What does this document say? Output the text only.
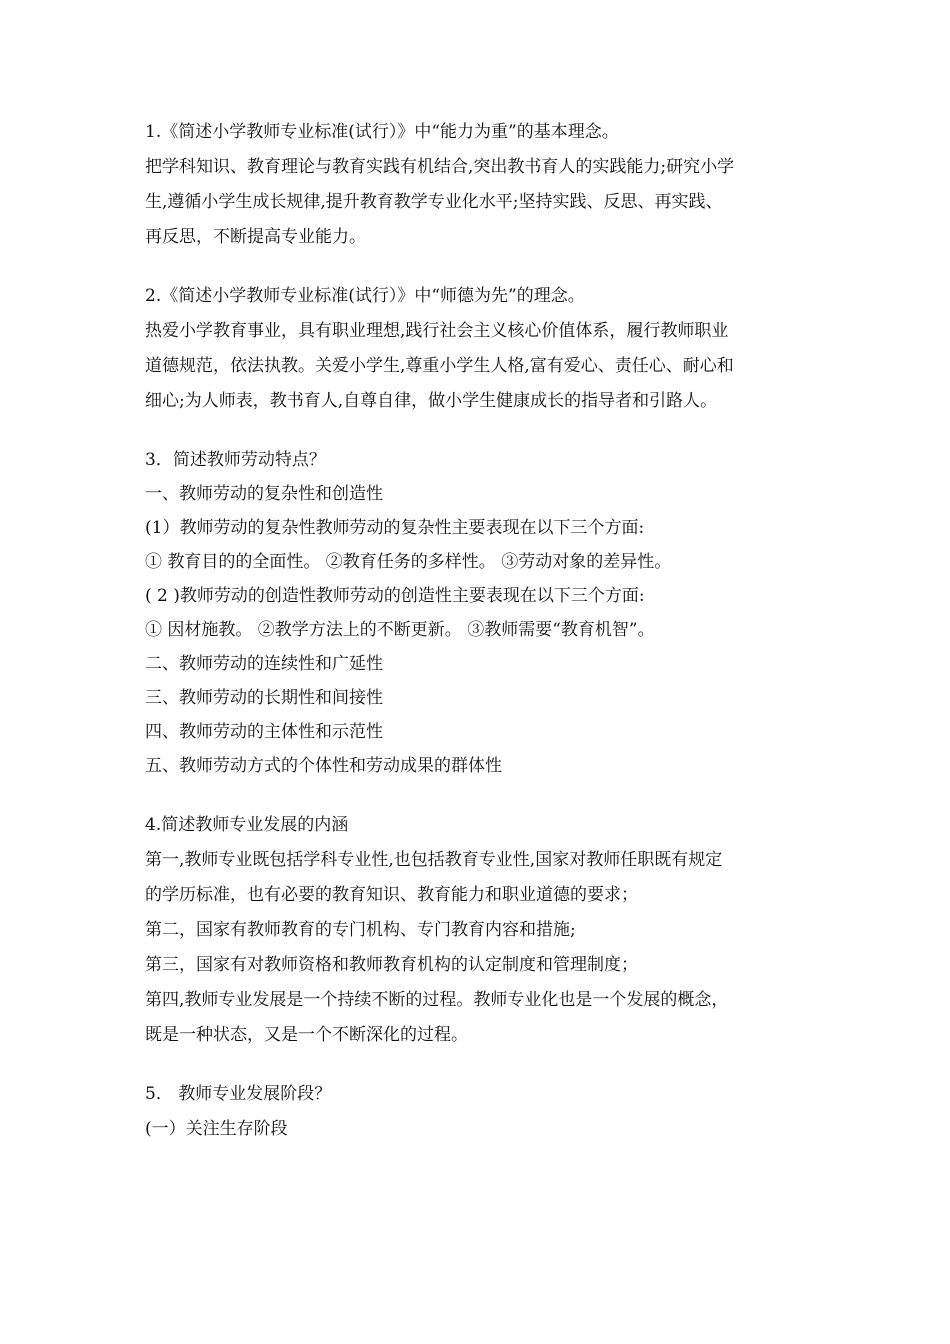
1.《简述小学教师专业标准(试行）》中“能力为重”的基本理念。
把学科知识、教育理论与教育实践有机结合,突出教书育人的实践能力;研究小学
生,遵循小学生成长规律,提升教育教学专业化水平;坚持实践、反思、再实践、
再反思，不断提高专业能力。
2.《简述小学教师专业标准(试行）》中“师德为先”的理念。
热爱小学教育事业，具有职业理想,践行社会主义核心价值体系，履行教师职业
道德规范，依法执教。关爱小学生,尊重小学生人格,富有爱心、责任心、耐心和
细心;为人师表，教书育人,自尊自律，做小学生健康成长的指导者和引路人。
3．简述教师劳动特点？
一、教师劳动的复杂性和创造性
(1）教师劳动的复杂性教师劳动的复杂性主要表现在以下三个方面:
① 教育目的的全面性。 ②教育任务的多样性。 ③劳动对象的差异性。
( 2 )教师劳动的创造性教师劳动的创造性主要表现在以下三个方面:
① 因材施教。 ②教学方法上的不断更新。 ③教师需要“教育机智”。
二、教师劳动的连续性和广延性
三、教师劳动的长期性和间接性
四、教师劳动的主体性和示范性
五、教师劳动方式的个体性和劳动成果的群体性
4.简述教师专业发展的内涵
第一,教师专业既包括学科专业性,也包括教育专业性,国家对教师任职既有规定
的学历标准，也有必要的教育知识、教育能力和职业道德的要求；
第二，国家有教师教育的专门机构、专门教育内容和措施;
第三，国家有对教师资格和教师教育机构的认定制度和管理制度；
第四,教师专业发展是一个持续不断的过程。教师专业化也是一个发展的概念，
既是一种状态，又是一个不断深化的过程。
5． 教师专业发展阶段？
(一）关注生存阶段
